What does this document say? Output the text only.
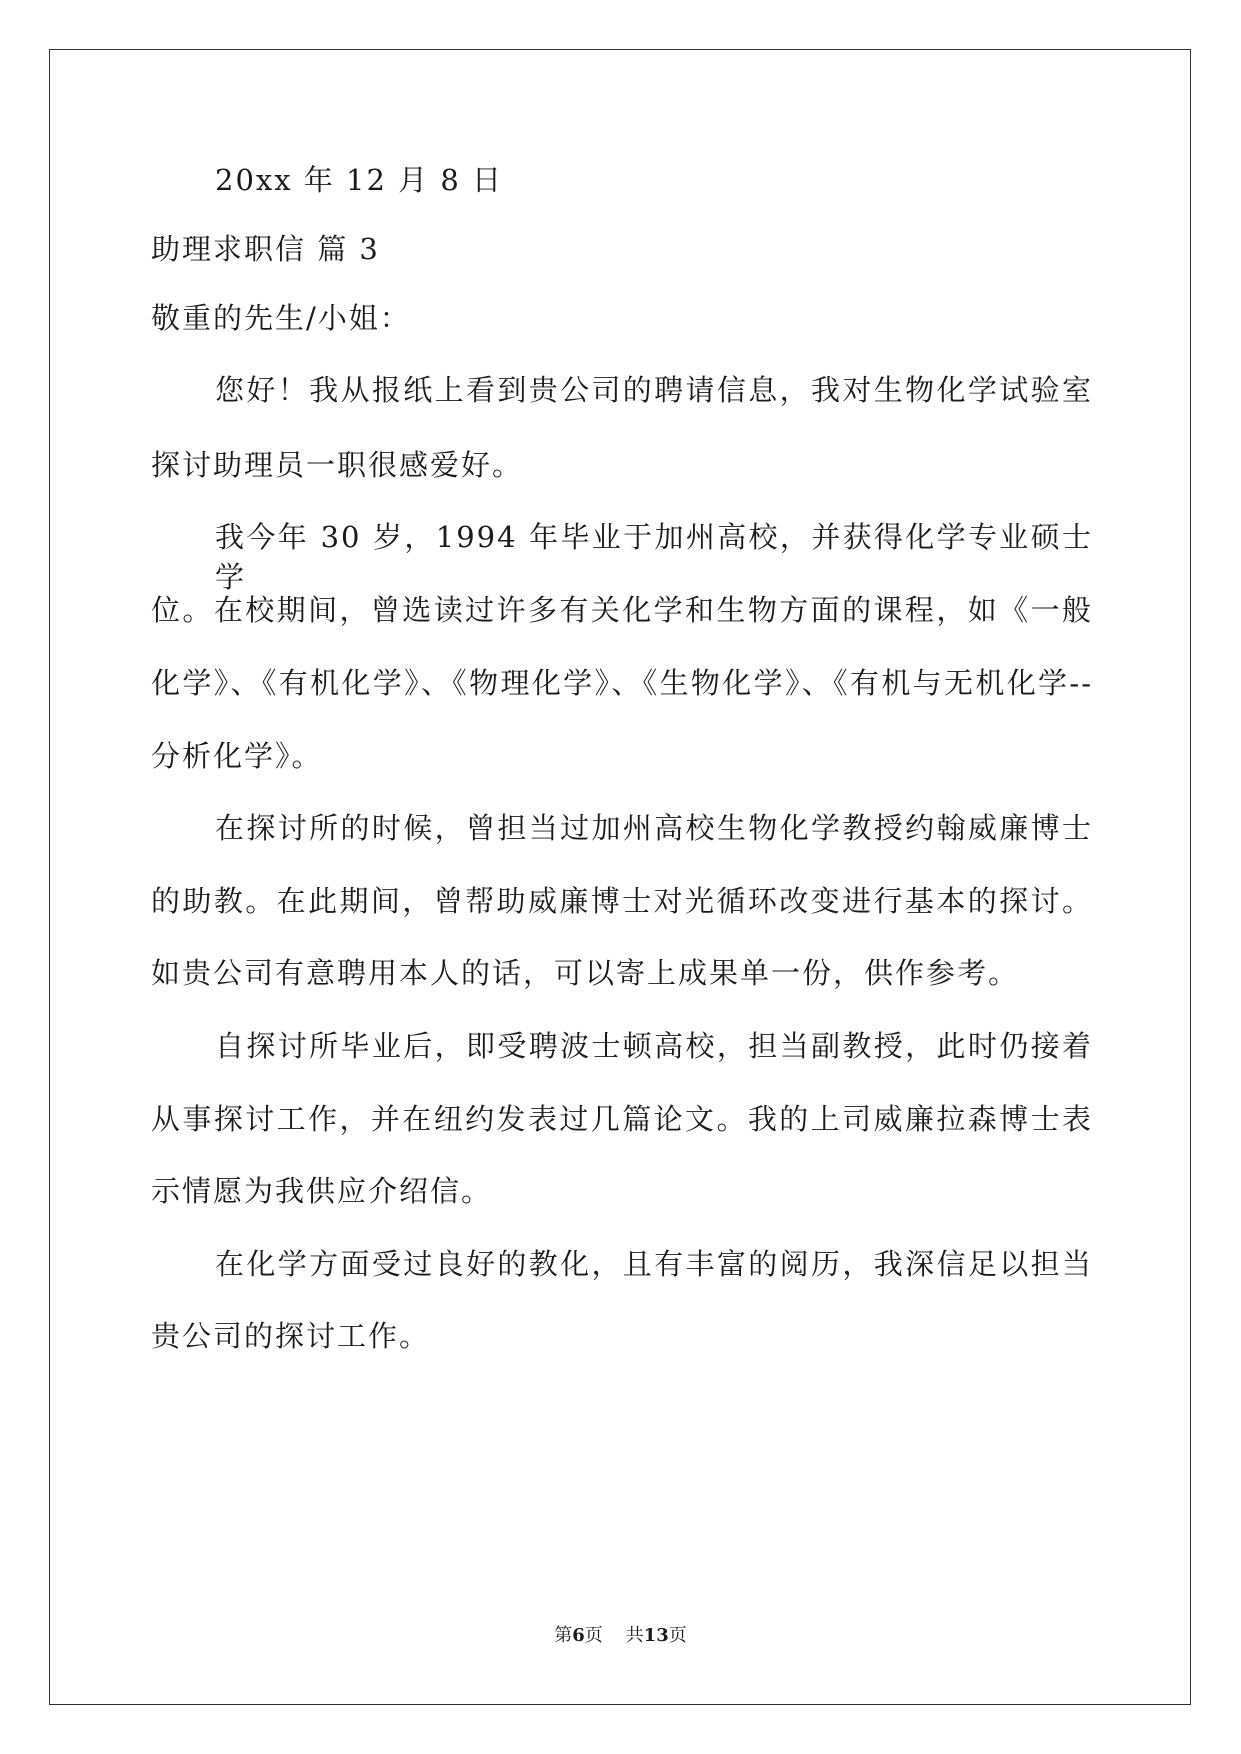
20xx 年 12 月 8 日
助理求职信 篇 3
敬重的先生/小姐：
您好！我从报纸上看到贵公司的聘请信息，我对生物化学试验室
探讨助理员一职很感爱好。
我今年 30 岁，1994 年毕业于加州高校，并获得化学专业硕士学
位。在校期间，曾选读过许多有关化学和生物方面的课程，如《一般
化学》、《有机化学》、《物理化学》、《生物化学》、《有机与无机化学--
分析化学》。
在探讨所的时候，曾担当过加州高校生物化学教授约翰威廉博士
的助教。在此期间，曾帮助威廉博士对光循环改变进行基本的探讨。
如贵公司有意聘用本人的话，可以寄上成果单一份，供作参考。
自探讨所毕业后，即受聘波士顿高校，担当副教授，此时仍接着
从事探讨工作，并在纽约发表过几篇论文。我的上司威廉拉森博士表
示情愿为我供应介绍信。
在化学方面受过良好的教化，且有丰富的阅历，我深信足以担当
贵公司的探讨工作。
第6页 共13页
